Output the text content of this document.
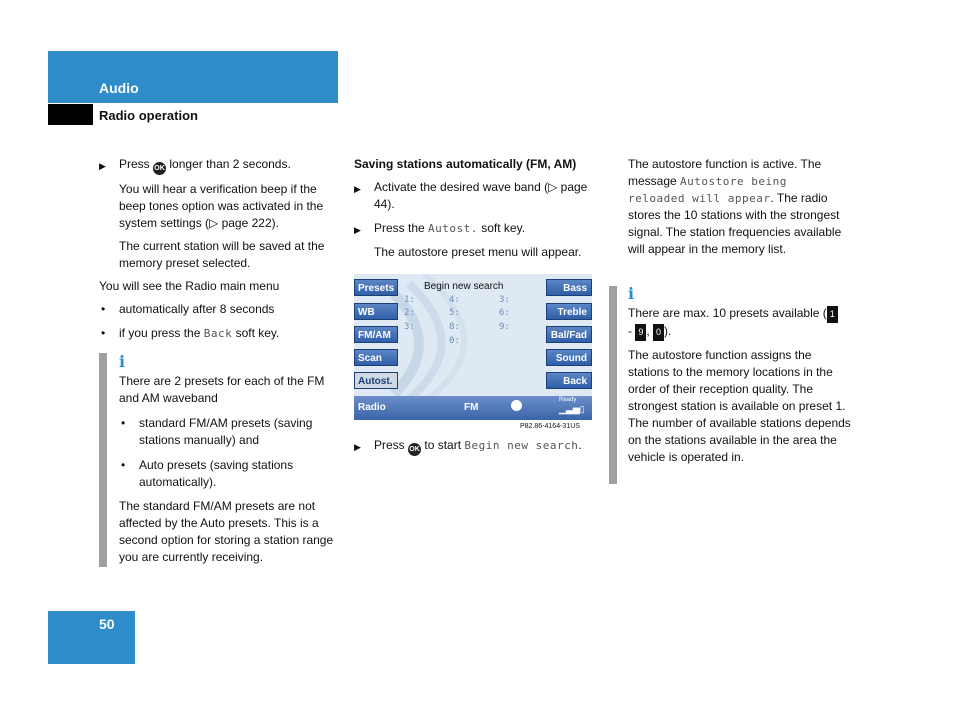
Audio
Radio operation
▶ Press OK longer than 2 seconds.
You will hear a verification beep if the beep tones option was activated in the system settings (▷ page 222).
The current station will be saved at the memory preset selected.
You will see the Radio main menu
• automatically after 8 seconds
• if you press the Back soft key.
i
There are 2 presets for each of the FM and AM waveband
• standard FM/AM presets (saving stations manually) and
• Auto presets (saving stations automatically).
The standard FM/AM presets are not affected by the Auto presets. This is a second option for storing a station range you are currently receiving.
Saving stations automatically (FM, AM)
▶ Activate the desired wave band (▷ page 44).
▶ Press the Autost. soft key.
The autostore preset menu will appear.
Begin new search
Presets
WB
FM/AM
Scan
Autost.
Bass
Treble
Bal/Fad
Sound
Back
1:
2:
3:
4:
5:
8:
0:
3:
6:
9:
Radio	FM
Ready
▁▃▅▯
P82.86-4164-31US
▶ Press OK to start Begin new search.
The autostore function is active. The message Autostore being reloaded will appear. The radio stores the 10 stations with the strongest signal. The station frequencies available will appear in the memory list.
i
There are max. 10 presets available ( 1
- 9 , 0 ).
The autostore function assigns the stations to the memory locations in the order of their reception quality. The strongest station is available on preset 1. The number of available stations depends on the stations available in the area the vehicle is operated in.
50
